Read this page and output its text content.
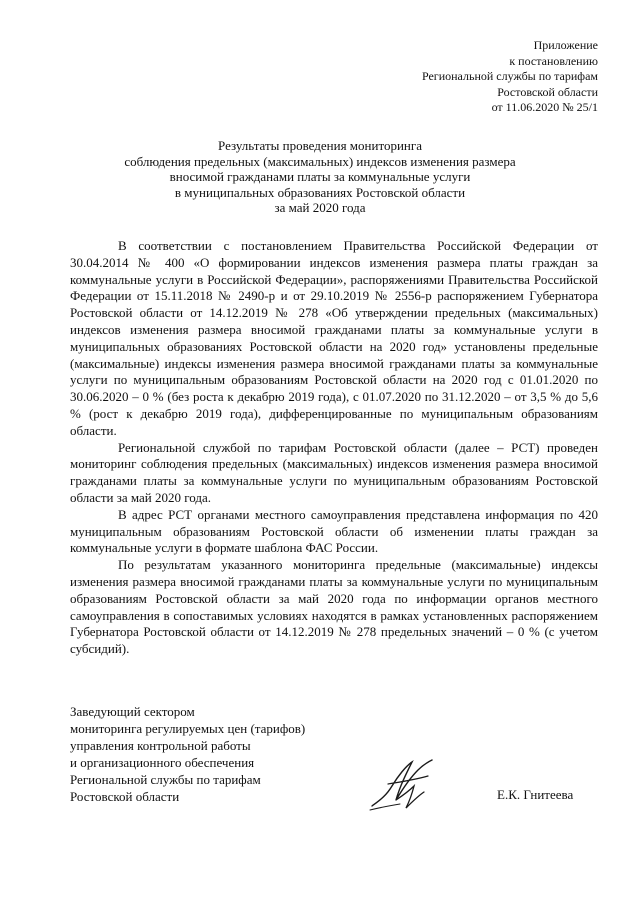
Приложение
к постановлению
Региональной службы по тарифам
Ростовской области
от 11.06.2020 № 25/1
Результаты проведения мониторинга
соблюдения предельных (максимальных) индексов изменения размера
вносимой гражданами платы за коммунальные услуги
в муниципальных образованиях Ростовской области
за май 2020 года

В соответствии с постановлением Правительства Российской Федерации от 30.04.2014 № 400 «О формировании индексов изменения размера платы граждан за коммунальные услуги в Российской Федерации», распоряжениями Правительства Российской Федерации от 15.11.2018 № 2490-р и от 29.10.2019 № 2556-р распоряжением Губернатора Ростовской области от 14.12.2019 № 278 «Об утверждении предельных (максимальных) индексов изменения размера вносимой гражданами платы за коммунальные услуги в муниципальных образованиях Ростовской области на 2020 год» установлены предельные (максимальные) индексы изменения размера вносимой гражданами платы за коммунальные услуги по муниципальным образованиям Ростовской области на 2020 год с 01.01.2020 по 30.06.2020 – 0 % (без роста к декабрю 2019 года), с 01.07.2020 по 31.12.2020 – от 3,5 % до 5,6 % (рост к декабрю 2019 года), дифференцированные по муниципальным образованиям области.

Региональной службой по тарифам Ростовской области (далее – РСТ) проведен мониторинг соблюдения предельных (максимальных) индексов изменения размера вносимой гражданами платы за коммунальные услуги по муниципальным образованиям Ростовской области за май 2020 года.

В адрес РСТ органами местного самоуправления представлена информация по 420 муниципальным образованиям Ростовской области об изменении платы граждан за коммунальные услуги в формате шаблона ФАС России.

По результатам указанного мониторинга предельные (максимальные) индексы изменения размера вносимой гражданами платы за коммунальные услуги по муниципальным образованиям Ростовской области за май 2020 года по информации органов местного самоуправления в сопоставимых условиях находятся в рамках установленных распоряжением Губернатора Ростовской области от 14.12.2019 № 278 предельных значений – 0 % (с учетом субсидий).

Заведующий сектором
мониторинга регулируемых цен (тарифов)
управления контрольной работы
и организационного обеспечения
Региональной службы по тарифам
Ростовской области	Е.К. Гнитеева
